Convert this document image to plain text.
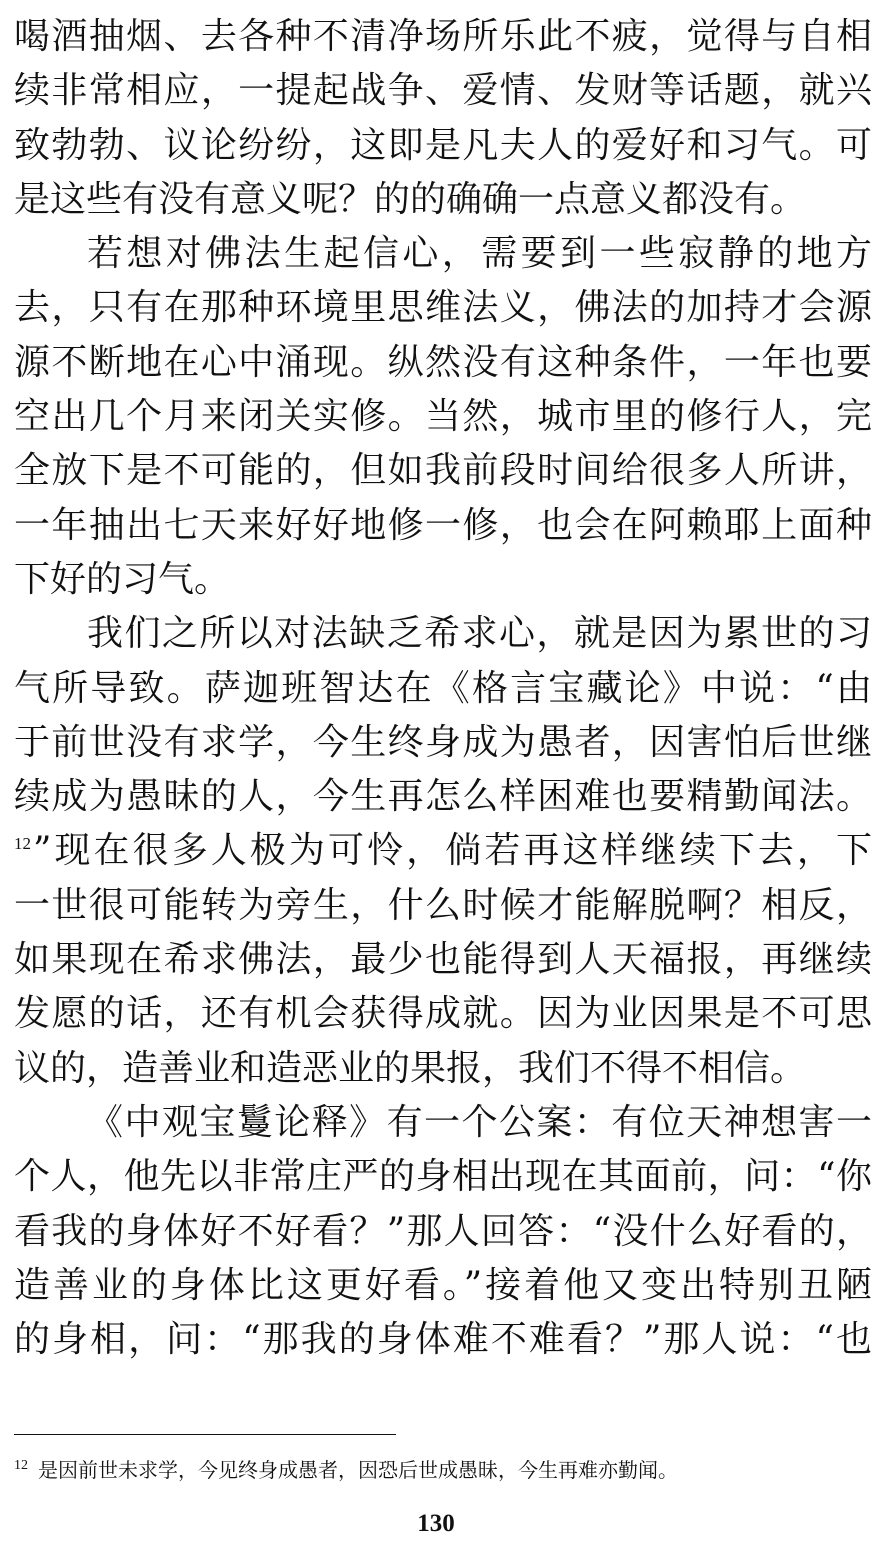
喝酒抽烟、去各种不清净场所乐此不疲，觉得与自相
续非常相应，一提起战争、爱情、发财等话题，就兴
致勃勃、议论纷纷，这即是凡夫人的爱好和习气。可
是这些有没有意义呢？的的确确一点意义都没有。
若想对佛法生起信心，需要到一些寂静的地方
去，只有在那种环境里思维法义，佛法的加持才会源
源不断地在心中涌现。纵然没有这种条件，一年也要
空出几个月来闭关实修。当然，城市里的修行人，完
全放下是不可能的，但如我前段时间给很多人所讲，
一年抽出七天来好好地修一修，也会在阿赖耶上面种
下好的习气。
我们之所以对法缺乏希求心，就是因为累世的习
气所导致。萨迦班智达在《格言宝藏论》中说：“由
于前世没有求学，今生终身成为愚者，因害怕后世继
续成为愚昧的人，今生再怎么样困难也要精勤闻法。
$^{12}$”现在很多人极为可怜，倘若再这样继续下去，下
一世很可能转为旁生，什么时候才能解脱啊？相反，
如果现在希求佛法，最少也能得到人天福报，再继续
发愿的话，还有机会获得成就。因为业因果是不可思
议的，造善业和造恶业的果报，我们不得不相信。
《中观宝鬘论释》有一个公案：有位天神想害一
个人，他先以非常庄严的身相出现在其面前，问：“你
看我的身体好不好看？”那人回答：“没什么好看的，
造善业的身体比这更好看。”接着他又变出特别丑陋
的身相，问：“那我的身体难不难看？”那人说：“也
$^{12}$ 是因前世未求学，今见终身成愚者，因恐后世成愚昧，今生再难亦勤闻。
130
